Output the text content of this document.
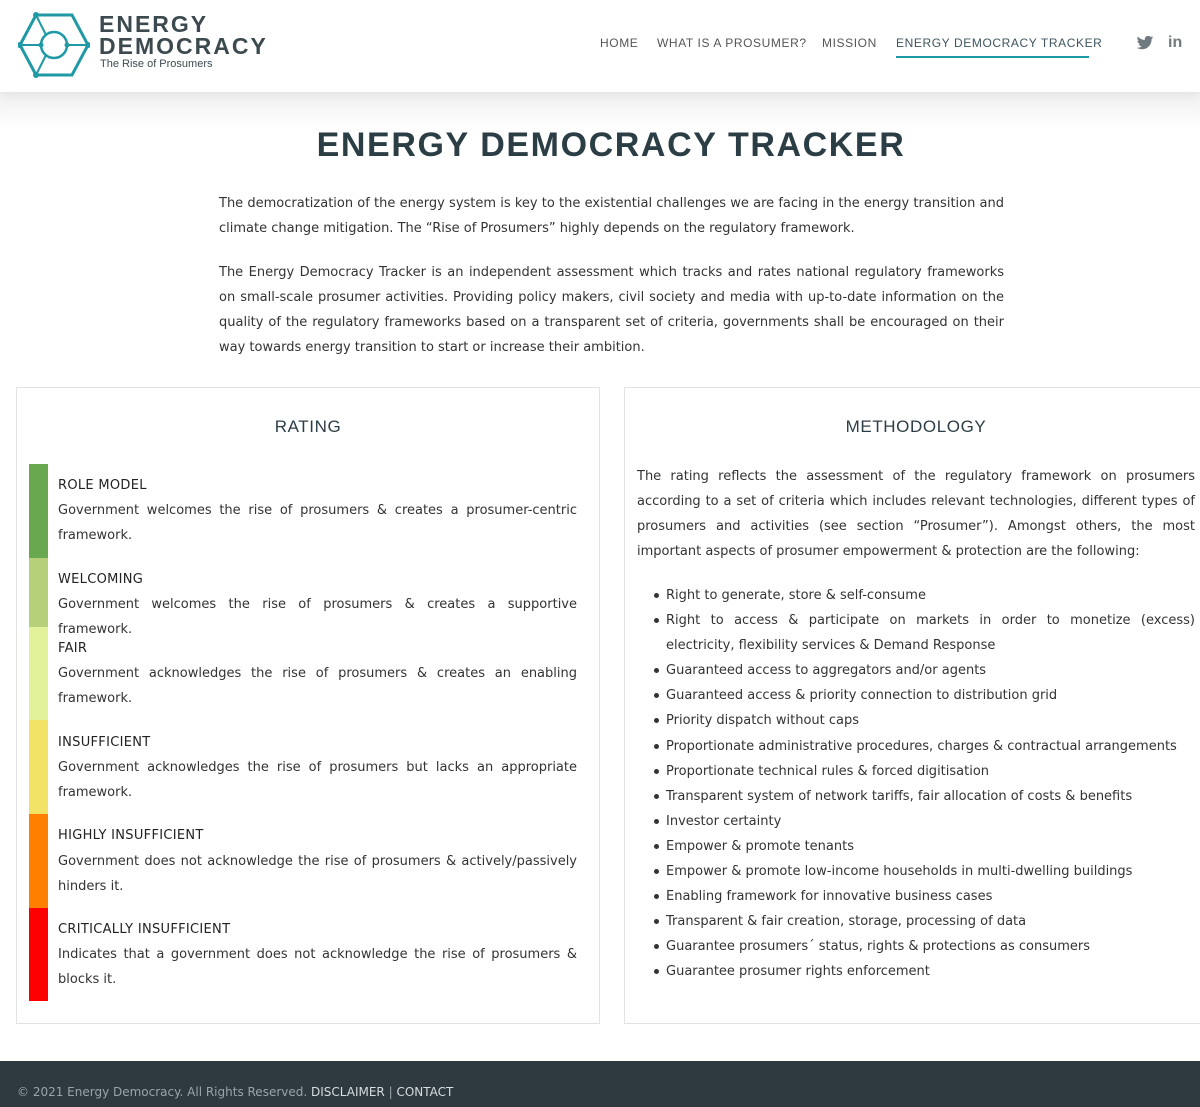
ENERGY
DEMOCRACY
The Rise of Prosumers
HOME WHAT IS A PROSUMER? MISSION ENERGY DEMOCRACY TRACKER	in
ENERGY DEMOCRACY TRACKER

The democratization of the energy system is key to the existential challenges we are facing in the energy transition and climate change mitigation. The “Rise of Prosumers” highly depends on the regulatory framework.

The Energy Democracy Tracker is an independent assessment which tracks and rates national regulatory frameworks on small-scale prosumer activities. Providing policy makers, civil society and media with up-to-date information on the quality of the regulatory frameworks based on a transparent set of criteria, governments shall be encouraged on their way towards energy transition to start or increase their ambition.

RATING
ROLE MODEL

Government welcomes the rise of prosumers & creates a prosumer-centric framework.

WELCOMING

Government welcomes the rise of prosumers & creates a supportive framework.

FAIR

Government acknowledges the rise of prosumers & creates an enabling framework.

INSUFFICIENT

Government acknowledges the rise of prosumers but lacks an appropriate framework.

HIGHLY INSUFFICIENT

Government does not acknowledge the rise of prosumers & actively/passively hinders it.

CRITICALLY INSUFFICIENT

Indicates that a government does not acknowledge the rise of prosumers & blocks it.

METHODOLOGY

The rating reflects the assessment of the regulatory framework on prosumers according to a set of criteria which includes relevant technologies, different types of prosumers and activities (see section “Prosumer”). Amongst others, the most important aspects of prosumer empowerment & protection are the following:

Right to generate, store & self-consume
Right to access & participate on markets in order to monetize (excess) electricity, flexibility services & Demand Response
Guaranteed access to aggregators and/or agents
Guaranteed access & priority connection to distribution grid
Priority dispatch without caps
Proportionate administrative procedures, charges & contractual arrangements
Proportionate technical rules & forced digitisation
Transparent system of network tariffs, fair allocation of costs & benefits
Investor certainty
Empower & promote tenants
Empower & promote low-income households in multi-dwelling buildings
Enabling framework for innovative business cases
Transparent & fair creation, storage, processing of data
Guarantee prosumers´ status, rights & protections as consumers
Guarantee prosumer rights enforcement
© 2021 Energy Democracy. All Rights Reserved. DISCLAIMER | CONTACT
